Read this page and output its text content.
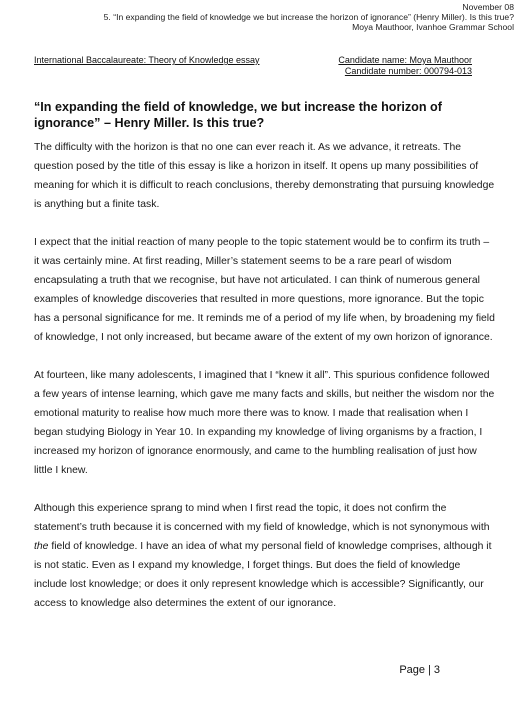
November 08
5. “In expanding the field of knowledge we but increase the horizon of ignorance” (Henry Miller). Is this true?
Moya Mauthoor, Ivanhoe Grammar School
International Baccalaureate: Theory of Knowledge essay	Candidate name: Moya Mauthoor
Candidate number: 000794-013
“In expanding the field of knowledge, we but increase the horizon of ignorance” – Henry Miller. Is this true?

The difficulty with the horizon is that no one can ever reach it. As we advance, it retreats. The question posed by the title of this essay is like a horizon in itself. It opens up many possibilities of meaning for which it is difficult to reach conclusions, thereby demonstrating that pursuing knowledge is anything but a finite task.

I expect that the initial reaction of many people to the topic statement would be to confirm its truth – it was certainly mine. At first reading, Miller’s statement seems to be a rare pearl of wisdom encapsulating a truth that we recognise, but have not articulated. I can think of numerous general examples of knowledge discoveries that resulted in more questions, more ignorance. But the topic has a personal significance for me. It reminds me of a period of my life when, by broadening my field of knowledge, I not only increased, but became aware of the extent of my own horizon of ignorance.

At fourteen, like many adolescents, I imagined that I “knew it all”. This spurious confidence followed a few years of intense learning, which gave me many facts and skills, but neither the wisdom nor the emotional maturity to realise how much more there was to know. I made that realisation when I began studying Biology in Year 10. In expanding my knowledge of living organisms by a fraction, I increased my horizon of ignorance enormously, and came to the humbling realisation of just how little I knew.

Although this experience sprang to mind when I first read the topic, it does not confirm the statement’s truth because it is concerned with my field of knowledge, which is not synonymous with the field of knowledge. I have an idea of what my personal field of knowledge comprises, although it is not static. Even as I expand my knowledge, I forget things. But does the field of knowledge include lost knowledge; or does it only represent knowledge which is accessible? Significantly, our access to knowledge also determines the extent of our ignorance.

Page | 3
